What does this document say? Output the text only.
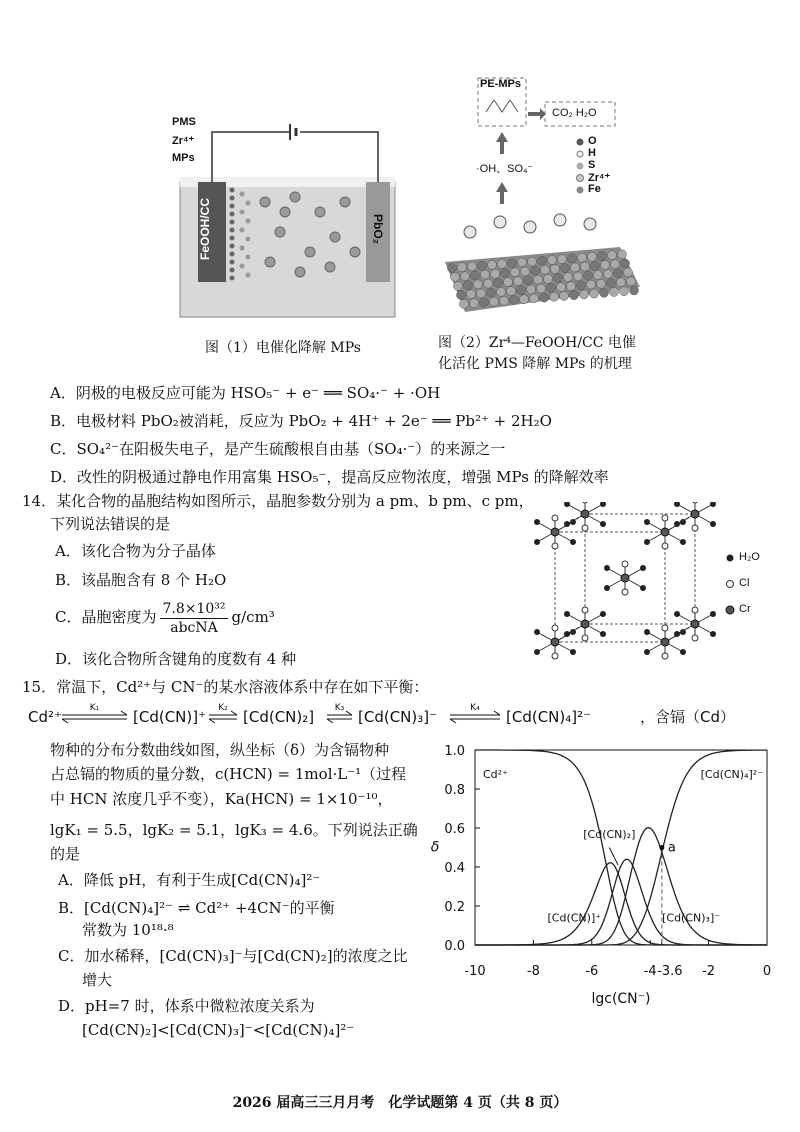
PMS
Zr⁴⁺
MPs
FeOOH/CC	PbO₂
图（1）电催化降解 MPs
PE-MPs
CO₂ H₂O
·OH、SO₄⁻
O
H
S
Zr⁴⁺
Fe
图（2）Zr⁴—FeOOH/CC 电催
化活化 PMS 降解 MPs 的机理
A．阴极的电极反应可能为 HSO₅⁻ + e⁻ ══ SO₄·⁻ + ·OH
B．电极材料 PbO₂被消耗，反应为 PbO₂ + 4H⁺ + 2e⁻ ══ Pb²⁺ + 2H₂O
C．SO₄²⁻在阳极失电子，是产生硫酸根自由基（SO₄·⁻）的来源之一
D．改性的阴极通过静电作用富集 HSO₅⁻，提高反应物浓度，增强 MPs 的降解效率
14．某化合物的晶胞结构如图所示，晶胞参数分别为 a pm、b pm、c pm，
下列说法错误的是
A．该化合物为分子晶体
B．该晶胞含有 8 个 H₂O
C．晶胞密度为 $\frac{\text{7.8×10³²}}{\text{abcNA}} g/cm^3$
D．该化合物所含键角的度数有 4 种
H₂O
Cl
Cr
15．常温下，Cd²⁺与 CN⁻的某水溶液体系中存在如下平衡：
Cd²⁺	K₁ [Cd(CN)]⁺ K₂ [Cd(CN)₂] K₃ [Cd(CN)₃]⁻	K₄ [Cd(CN)₄]²⁻	，含镉（Cd）
物种的分布分数曲线如图，纵坐标（δ）为含镉物种
占总镉的物质的量分数，c(HCN) = 1mol·L⁻¹（过程
中 HCN 浓度几乎不变），Ka(HCN) = 1×10⁻¹⁰，
lgK₁ = 5.5，lgK₂ = 5.1，lgK₃ = 4.6。下列说法正确
的是
A．降低 pH，有利于生成[Cd(CN)₄]²⁻
B．[Cd(CN)₄]²⁻ ⇌ Cd²⁺ +4CN⁻的平衡
常数为 10¹⁸·⁸
C．加水稀释，[Cd(CN)₃]⁻与[Cd(CN)₂]的浓度之比
增大
D．pH=7 时，体系中微粒浓度关系为
[Cd(CN)₂]<[Cd(CN)₃]⁻<[Cd(CN)₄]²⁻
0.0
0.2
0.4
0.6
0.8
1.0
-10	-8	-6	-4 -3.6 -2	0
δ
lgc(CN⁻)
Cd²⁺
[Cd(CN)]⁺
[Cd(CN)₂]
[Cd(CN)₃]⁻
[Cd(CN)₄]²⁻
a
2026 届高三三月月考　化学试题第 4 页（共 8 页）
